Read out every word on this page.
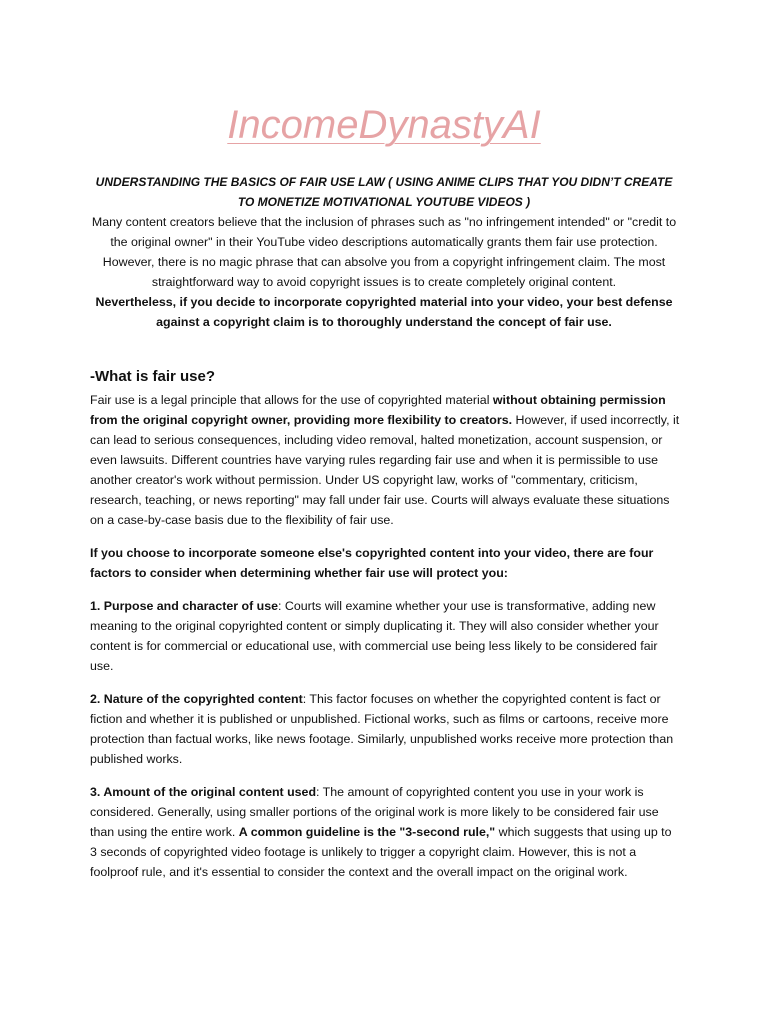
IncomeDynastyAI
UNDERSTANDING THE BASICS OF FAIR USE LAW ( USING ANIME CLIPS THAT YOU DIDN’T CREATE TO MONETIZE MOTIVATIONAL YOUTUBE VIDEOS )

Many content creators believe that the inclusion of phrases such as "no infringement intended" or "credit to the original owner" in their YouTube video descriptions automatically grants them fair use protection. However, there is no magic phrase that can absolve you from a copyright infringement claim. The most straightforward way to avoid copyright issues is to create completely original content.

Nevertheless, if you decide to incorporate copyrighted material into your video, your best defense against a copyright claim is to thoroughly understand the concept of fair use.

-What is fair use?

Fair use is a legal principle that allows for the use of copyrighted material without obtaining permission from the original copyright owner, providing more flexibility to creators. However, if used incorrectly, it can lead to serious consequences, including video removal, halted monetization, account suspension, or even lawsuits. Different countries have varying rules regarding fair use and when it is permissible to use another creator's work without permission. Under US copyright law, works of "commentary, criticism, research, teaching, or news reporting" may fall under fair use. Courts will always evaluate these situations on a case-by-case basis due to the flexibility of fair use.

If you choose to incorporate someone else's copyrighted content into your video, there are four factors to consider when determining whether fair use will protect you:

1. Purpose and character of use: Courts will examine whether your use is transformative, adding new meaning to the original copyrighted content or simply duplicating it. They will also consider whether your content is for commercial or educational use, with commercial use being less likely to be considered fair use.

2. Nature of the copyrighted content: This factor focuses on whether the copyrighted content is fact or fiction and whether it is published or unpublished. Fictional works, such as films or cartoons, receive more protection than factual works, like news footage. Similarly, unpublished works receive more protection than published works.

3. Amount of the original content used: The amount of copyrighted content you use in your work is considered. Generally, using smaller portions of the original work is more likely to be considered fair use than using the entire work. A common guideline is the "3-second rule," which suggests that using up to 3 seconds of copyrighted video footage is unlikely to trigger a copyright claim. However, this is not a foolproof rule, and it's essential to consider the context and the overall impact on the original work.
